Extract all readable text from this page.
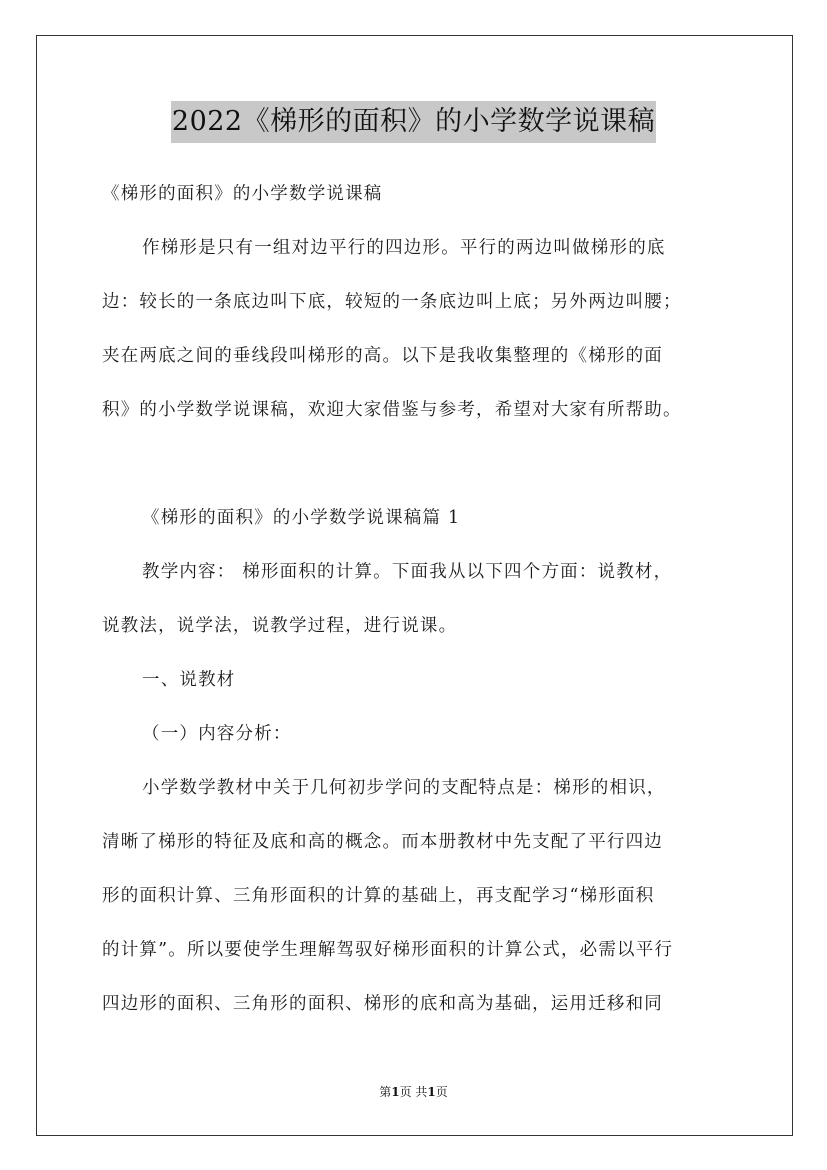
2022《梯形的面积》的小学数学说课稿
《梯形的面积》的小学数学说课稿
作梯形是只有一组对边平行的四边形。平行的两边叫做梯形的底
边：较长的一条底边叫下底，较短的一条底边叫上底；另外两边叫腰；
夹在两底之间的垂线段叫梯形的高。以下是我收集整理的《梯形的面
积》的小学数学说课稿，欢迎大家借鉴与参考，希望对大家有所帮助。
《梯形的面积》的小学数学说课稿篇 1
教学内容： 梯形面积的计算。下面我从以下四个方面：说教材，
说教法，说学法，说教学过程，进行说课。
一、说教材
（一）内容分析：
小学数学教材中关于几何初步学问的支配特点是：梯形的相识，
清晰了梯形的特征及底和高的概念。而本册教材中先支配了平行四边
形的面积计算、三角形面积的计算的基础上，再支配学习“梯形面积
的计算”。所以要使学生理解驾驭好梯形面积的计算公式，必需以平行
四边形的面积、三角形的面积、梯形的底和高为基础，运用迁移和同
第1页 共1页
